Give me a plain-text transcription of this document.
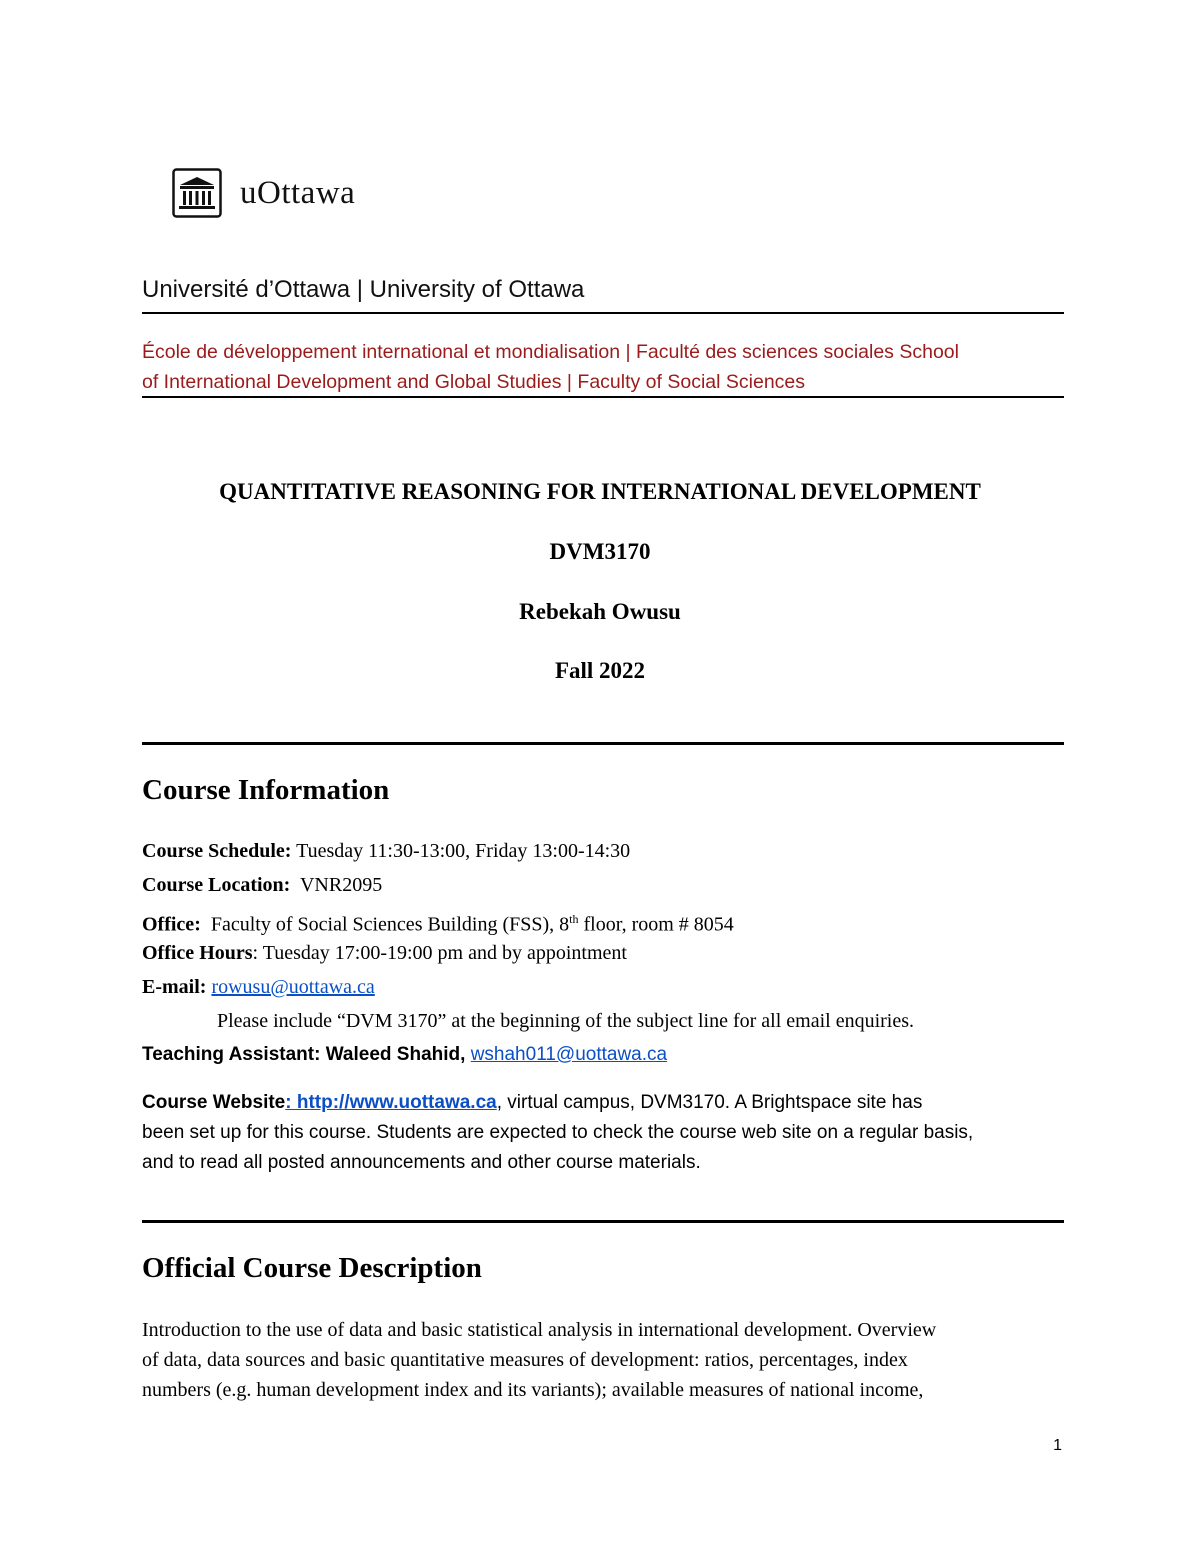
uOttawa
Université d’Ottawa | University of Ottawa
École de développement international et mondialisation | Faculté des sciences sociales School
of International Development and Global Studies | Faculty of Social Sciences
QUANTITATIVE REASONING FOR INTERNATIONAL DEVELOPMENT
DVM3170
Rebekah Owusu
Fall 2022
Course Information
Course Schedule: Tuesday 11:30-13:00, Friday 13:00-14:30
Course Location: VNR2095
Office: Faculty of Social Sciences Building (FSS), 8th floor, room # 8054
Office Hours: Tuesday 17:00-19:00 pm and by appointment
E-mail: rowusu@uottawa.ca
Please include “DVM 3170” at the beginning of the subject line for all email enquiries.
Teaching Assistant: Waleed Shahid, wshah011@uottawa.ca
Course Website: http://www.uottawa.ca, virtual campus, DVM3170. A Brightspace site has
been set up for this course. Students are expected to check the course web site on a regular basis,
and to read all posted announcements and other course materials.
Official Course Description
Introduction to the use of data and basic statistical analysis in international development. Overview
of data, data sources and basic quantitative measures of development: ratios, percentages, index
numbers (e.g. human development index and its variants); available measures of national income,
1
